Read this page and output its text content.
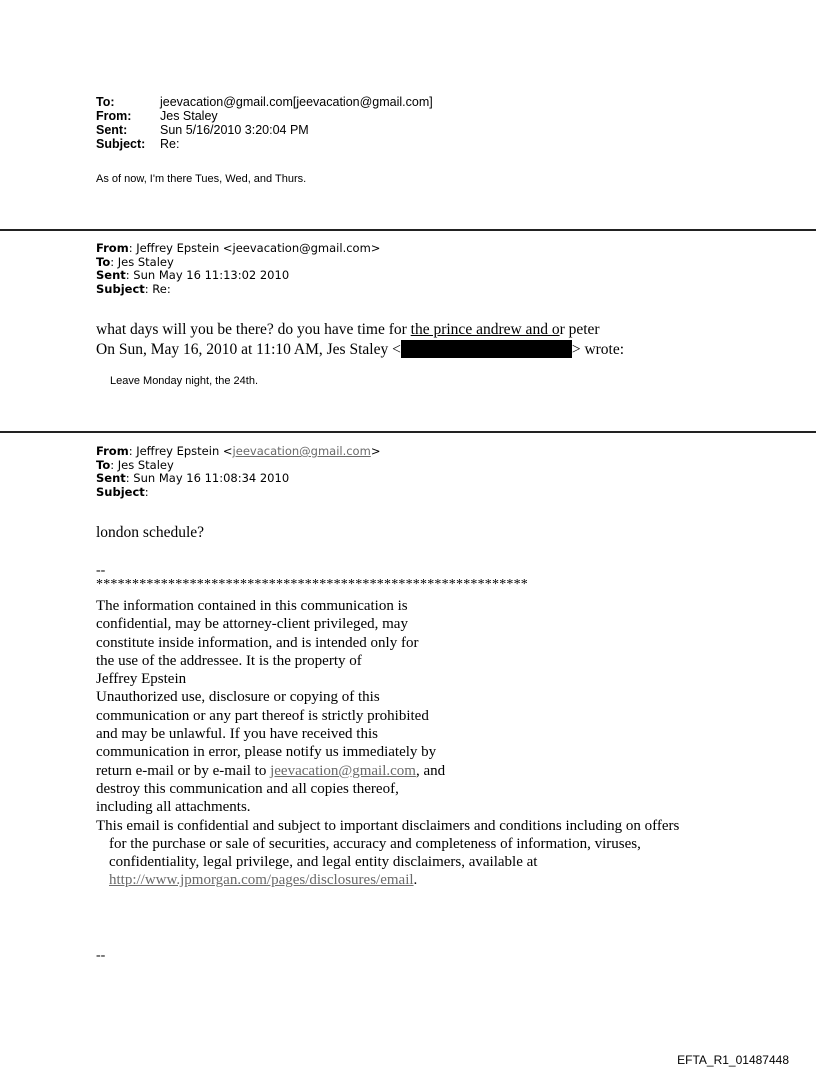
To:	jeevacation@gmail.com[jeevacation@gmail.com]
From:	Jes Staley
Sent:	Sun 5/16/2010 3:20:04 PM
Subject:	Re:
As of now, I'm there Tues, Wed, and Thurs.
From: Jeffrey Epstein <jeevacation@gmail.com>
To: Jes Staley
Sent: Sun May 16 11:13:02 2010
Subject: Re:
what days will you be there? do you have time for the prince andrew and or peter
On Sun, May 16, 2010 at 11:10 AM, Jes Staley <	> wrote:
Leave Monday night, the 24th.
From: Jeffrey Epstein <jeevacation@gmail.com>
To: Jes Staley
Sent: Sun May 16 11:08:34 2010
Subject:
london schedule?
--
************************************************************
The information contained in this communication is
confidential, may be attorney-client privileged, may
constitute inside information, and is intended only for
the use of the addressee. It is the property of
Jeffrey Epstein
Unauthorized use, disclosure or copying of this
communication or any part thereof is strictly prohibited
and may be unlawful. If you have received this
communication in error, please notify us immediately by
return e-mail or by e-mail to jeevacation@gmail.com, and
destroy this communication and all copies thereof,
including all attachments.
This email is confidential and subject to important disclaimers and conditions including on offers
for the purchase or sale of securities, accuracy and completeness of information, viruses,
confidentiality, legal privilege, and legal entity disclaimers, available at
http://www.jpmorgan.com/pages/disclosures/email.
--
EFTA_R1_01487448
